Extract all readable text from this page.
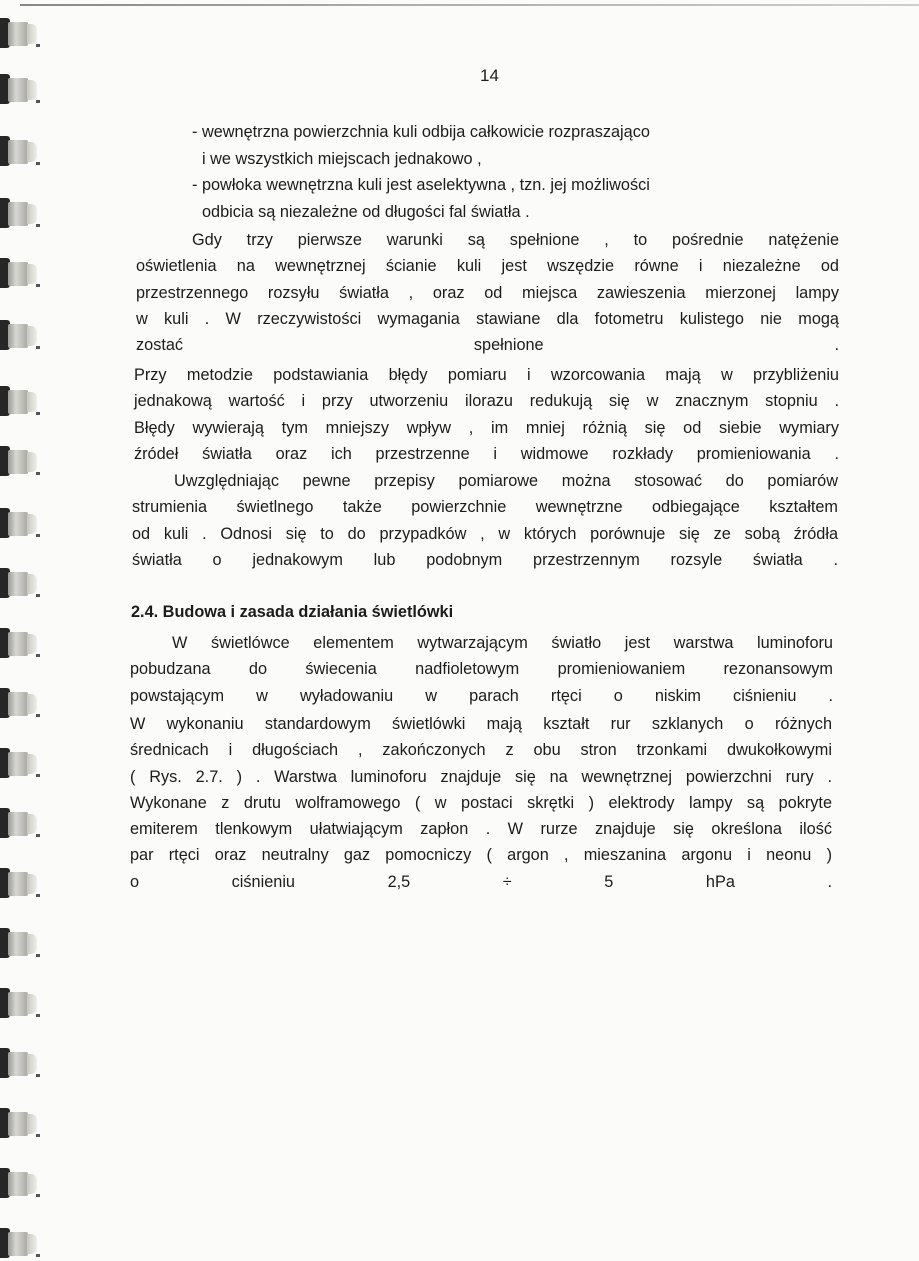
14
- wewnętrzna powierzchnia kuli odbija całkowicie rozpraszająco
i we wszystkich miejscach jednakowo ,
- powłoka wewnętrzna kuli jest aselektywna , tzn. jej możliwości
odbicia są niezależne od długości fal światła .
Gdy trzy pierwsze warunki są spełnione , to pośrednie natężenie
oświetlenia na wewnętrznej ścianie kuli jest wszędzie równe i niezależne od
przestrzennego rozsyłu światła , oraz od miejsca zawieszenia mierzonej lampy
w kuli . W rzeczywistości wymagania stawiane dla fotometru kulistego nie mogą
zostać spełnione .
Przy metodzie podstawiania błędy pomiaru i wzorcowania mają w przybliżeniu
jednakową wartość i przy utworzeniu ilorazu redukują się w znacznym stopniu .
Błędy wywierają tym mniejszy wpływ , im mniej różnią się od siebie wymiary
źródeł światła oraz ich przestrzenne i widmowe rozkłady promieniowania .
Uwzględniając pewne przepisy pomiarowe można stosować do pomiarów
strumienia świetlnego także powierzchnie wewnętrzne odbiegające kształtem
od kuli . Odnosi się to do przypadków , w których porównuje się ze sobą źródła
światła o jednakowym lub podobnym przestrzennym rozsyle światła .
2.4. Budowa i zasada działania świetlówki
W świetlówce elementem wytwarzającym światło jest warstwa luminoforu
pobudzana do świecenia nadfioletowym promieniowaniem rezonansowym
powstającym w wyładowaniu w parach rtęci o niskim ciśnieniu .
W wykonaniu standardowym świetlówki mają kształt rur szklanych o różnych
średnicach i długościach , zakończonych z obu stron trzonkami dwukołkowymi
( Rys. 2.7. ) . Warstwa luminoforu znajduje się na wewnętrznej powierzchni rury .
Wykonane z drutu wolframowego ( w postaci skrętki ) elektrody lampy są pokryte
emiterem tlenkowym ułatwiającym zapłon . W rurze znajduje się określona ilość
par rtęci oraz neutralny gaz pomocniczy ( argon , mieszanina argonu i neonu )
o ciśnieniu 2,5 ÷ 5 hPa .
